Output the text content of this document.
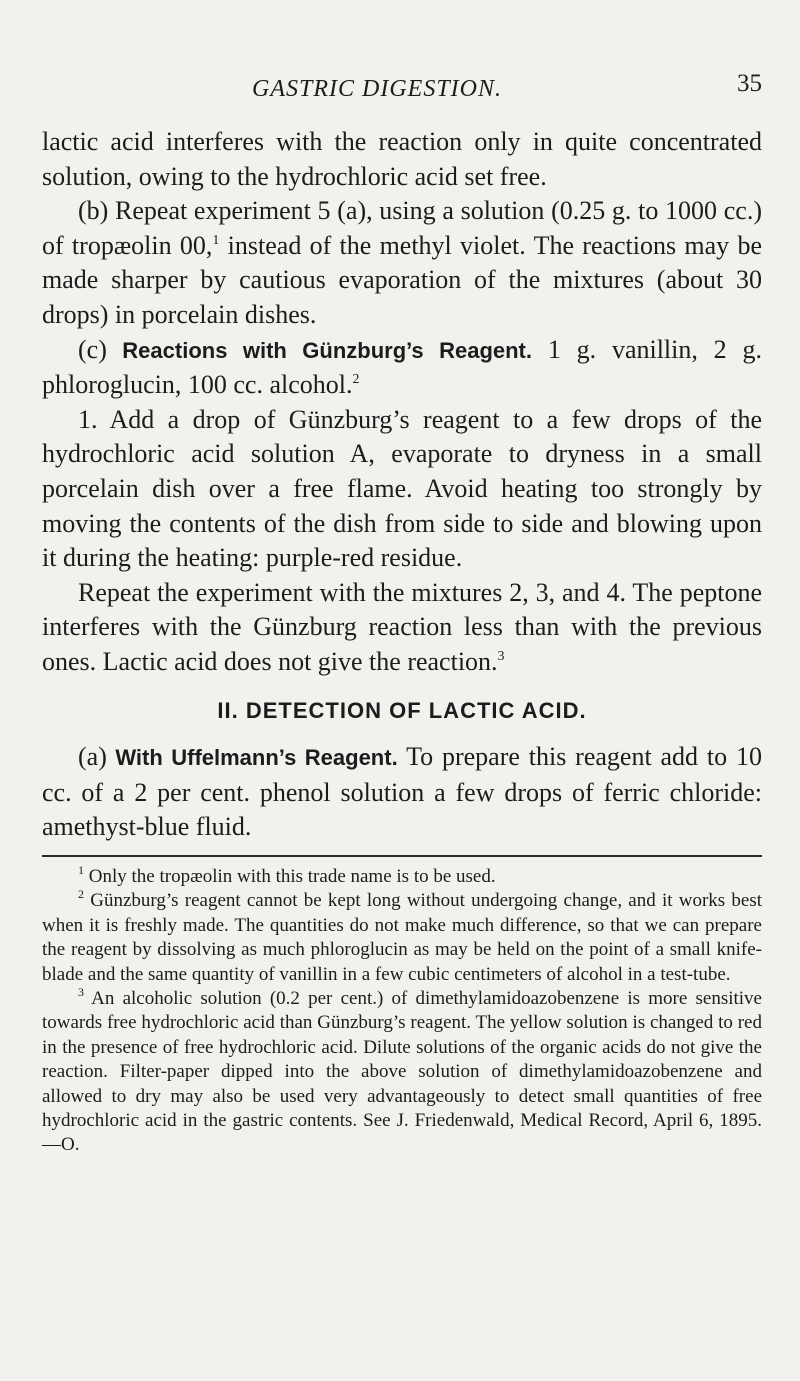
GASTRIC DIGESTION.	35

lactic acid interferes with the reaction only in quite concentrated solution, owing to the hydrochloric acid set free.

(b) Repeat experiment 5 (a), using a solution (0.25 g. to 1000 cc.) of tropæolin 00,$^1$ instead of the methyl violet. The reactions may be made sharper by cautious evaporation of the mixtures (about 30 drops) in porcelain dishes.

(c) Reactions with Günzburg’s Reagent. 1 g. vanillin, 2 g. phloroglucin, 100 cc. alcohol.$^2$

1. Add a drop of Günzburg’s reagent to a few drops of the hydrochloric acid solution A, evaporate to dryness in a small porcelain dish over a free flame. Avoid heating too strongly by moving the contents of the dish from side to side and blowing upon it during the heating: purple-red residue.

Repeat the experiment with the mixtures 2, 3, and 4. The peptone interferes with the Günzburg reaction less than with the previous ones. Lactic acid does not give the reaction.$^3$

II. DETECTION OF LACTIC ACID.

(a) With Uffelmann’s Reagent. To prepare this reagent add to 10 cc. of a 2 per cent. phenol solution a few drops of ferric chloride: amethyst-blue fluid.

$^1$ Only the tropæolin with this trade name is to be used.

$^2$ Günzburg’s reagent cannot be kept long without undergoing change, and it works best when it is freshly made. The quantities do not make much difference, so that we can prepare the reagent by dissolving as much phloroglucin as may be held on the point of a small knife-blade and the same quantity of vanillin in a few cubic centimeters of alcohol in a test-tube.

$^3$ An alcoholic solution (0.2 per cent.) of dimethylamidoazobenzene is more sensitive towards free hydrochloric acid than Günzburg’s reagent. The yellow solution is changed to red in the presence of free hydrochloric acid. Dilute solutions of the organic acids do not give the reaction. Filter-paper dipped into the above solution of dimethylamidoazobenzene and allowed to dry may also be used very advantageously to detect small quantities of free hydrochloric acid in the gastric contents. See J. Friedenwald, Medical Record, April 6, 1895.—O.
